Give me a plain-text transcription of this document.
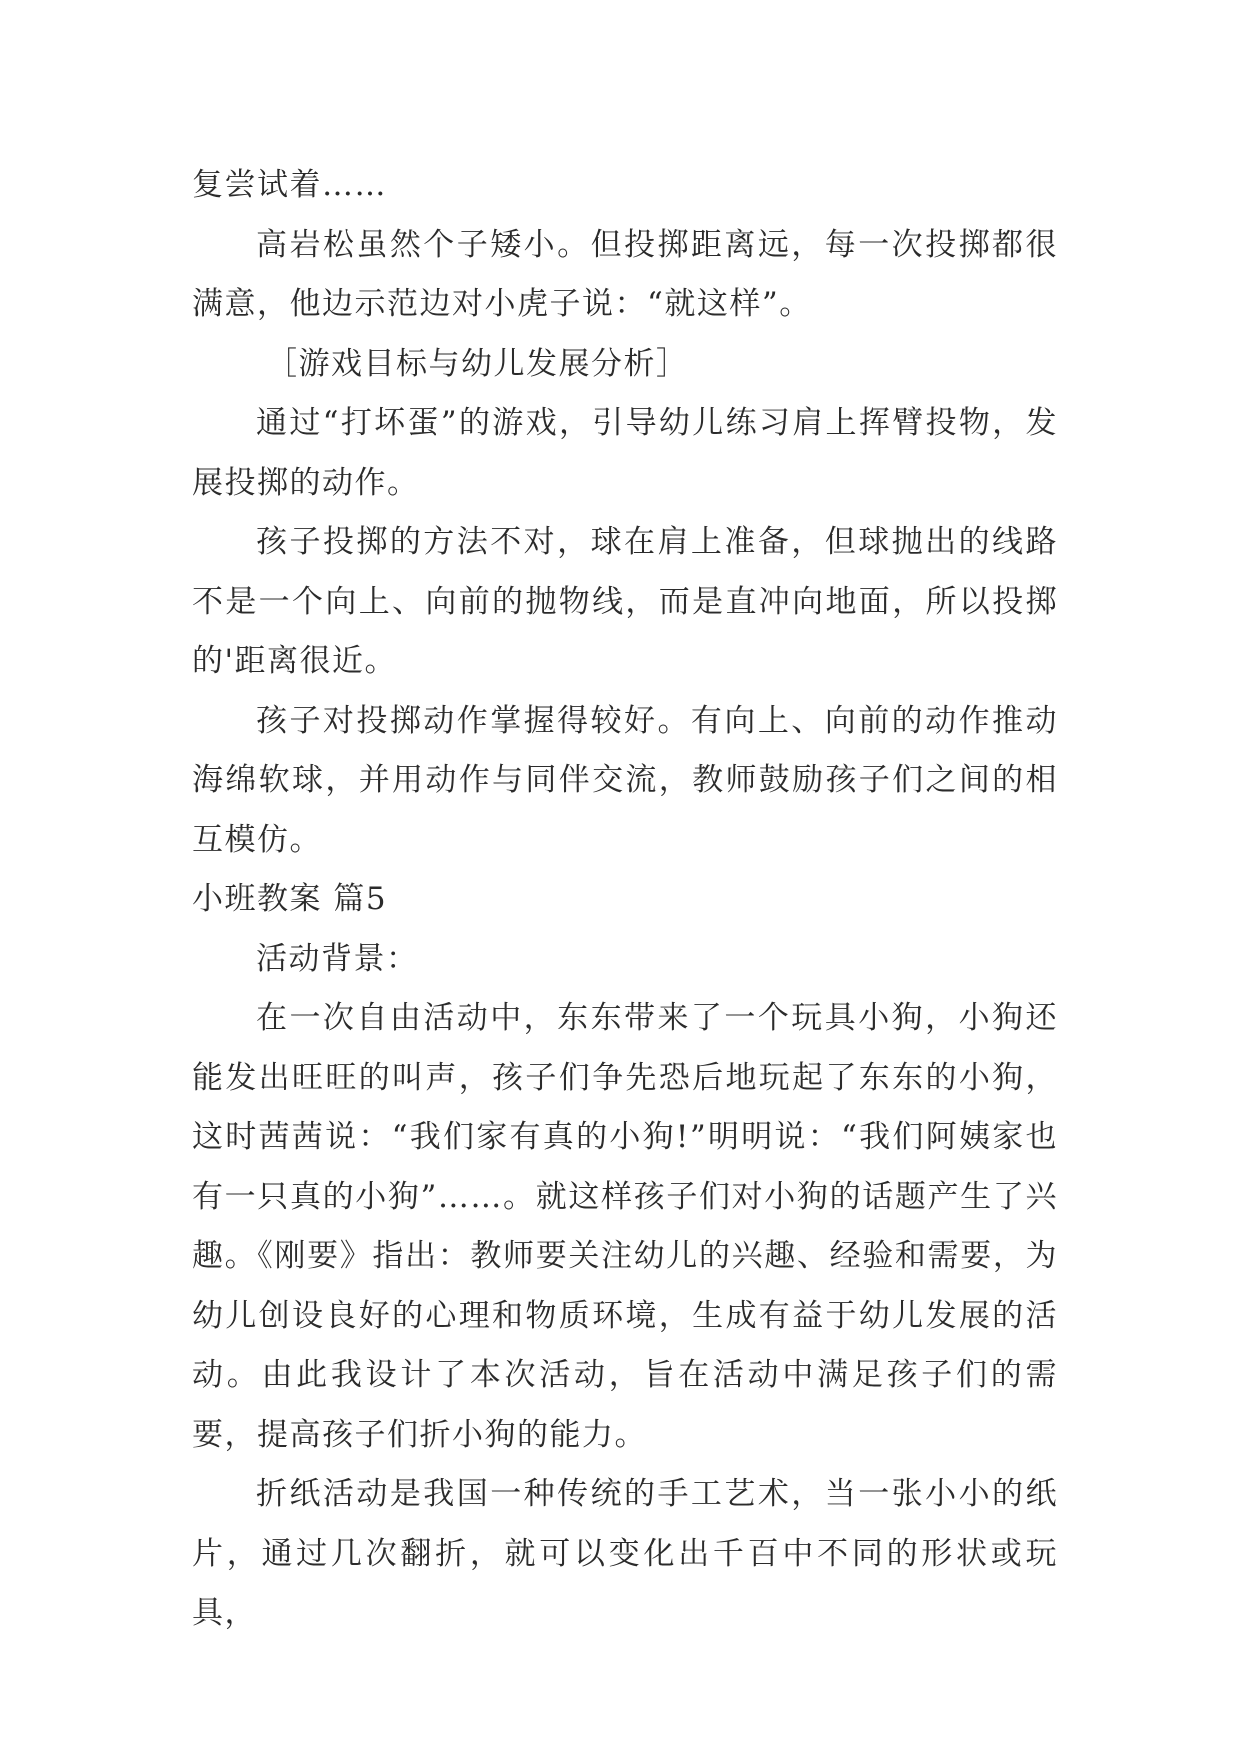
复尝试着……

高岩松虽然个子矮小。但投掷距离远，每一次投掷都很满意，他边示范边对小虎子说：“就这样”。

［游戏目标与幼儿发展分析］

通过“打坏蛋”的游戏，引导幼儿练习肩上挥臂投物，发展投掷的动作。

孩子投掷的方法不对，球在肩上准备，但球抛出的线路不是一个向上、向前的抛物线，而是直冲向地面，所以投掷的'距离很近。

孩子对投掷动作掌握得较好。有向上、向前的动作推动海绵软球，并用动作与同伴交流，教师鼓励孩子们之间的相互模仿。

小班教案 篇5

活动背景：

在一次自由活动中，东东带来了一个玩具小狗，小狗还能发出旺旺的叫声，孩子们争先恐后地玩起了东东的小狗，这时茜茜说：“我们家有真的小狗!”明明说：“我们阿姨家也有一只真的小狗”……。就这样孩子们对小狗的话题产生了兴趣。《刚要》指出：教师要关注幼儿的兴趣、经验和需要，为幼儿创设良好的心理和物质环境，生成有益于幼儿发展的活动。由此我设计了本次活动，旨在活动中满足孩子们的需要，提高孩子们折小狗的能力。

折纸活动是我国一种传统的手工艺术，当一张小小的纸片，通过几次翻折，就可以变化出千百中不同的形状或玩具，
